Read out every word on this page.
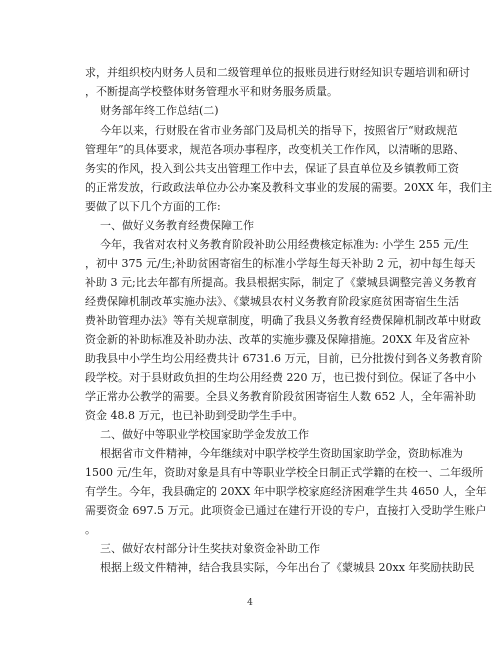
求，并组织校内财务人员和二级管理单位的报账员进行财经知识专题培训和研讨
，不断提高学校整体财务管理水平和财务服务质量。
财务部年终工作总结(二)
今年以来，行财股在省市业务部门及局机关的指导下，按照省厅“财政规范
管理年”的具体要求，规范各项办事程序，改变机关工作作风，以清晰的思路、
务实的作风，投入到公共支出管理工作中去，保证了县直单位及乡镇教师工资
的正常发放，行政政法单位办公办案及教科文事业的发展的需要。20XX 年，我们主
要做了以下几个方面的工作:
一、做好义务教育经费保障工作
今年，我省对农村义务教育阶段补助公用经费核定标准为: 小学生 255 元/生
，初中 375 元/生;补助贫困寄宿生的标准小学每生每天补助 2 元，初中每生每天
补助 3 元;比去年都有所提高。我县根据实际，制定了《蒙城县调整完善义务教育
经费保障机制改革实施办法》、《蒙城县农村义务教育阶段家庭贫困寄宿生生活
费补助管理办法》等有关规章制度，明确了我县义务教育经费保障机制改革中财政
资金新的补助标准及补助办法、改革的实施步骤及保障措施。20XX 年及省应补
助我县中小学生均公用经费共计 6731.6 万元，目前，已分批拨付到各义务教育阶
段学校。对于县财政负担的生均公用经费 220 万，也已拨付到位。保证了各中小
学正常办公教学的需要。全县义务教育阶段贫困寄宿生人数 652 人，全年需补助
资金 48.8 万元，也已补助到受助学生手中。
二、做好中等职业学校国家助学金发放工作
根据省市文件精神，今年继续对中职学校学生资助国家助学金，资助标准为
1500 元/生年，资助对象是具有中等职业学校全日制正式学籍的在校一、二年级所
有学生。今年，我县确定的 20XX 年中职学校家庭经济困难学生共 4650 人，全年
需要资金 697.5 万元。此项资金已通过在建行开设的专户，直接打入受助学生账户
。
三、做好农村部分计生奖扶对象资金补助工作
根据上级文件精神，结合我县实际，今年出台了《蒙城县 20xx 年奖励扶助民
4
